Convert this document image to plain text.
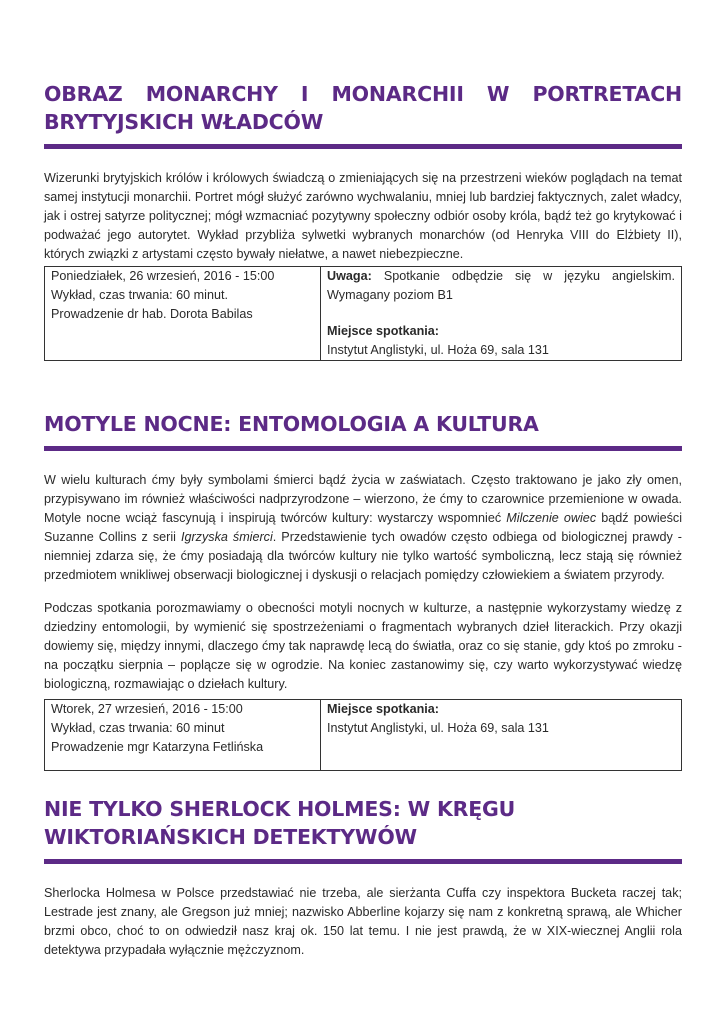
OBRAZ MONARCHY I MONARCHII W PORTRETACH BRYTYJSKICH WŁADCÓW

Wizerunki brytyjskich królów i królowych świadczą o zmieniających się na przestrzeni wieków poglądach na temat samej instytucji monarchii. Portret mógł służyć zarówno wychwalaniu, mniej lub bardziej faktycznych, zalet władcy, jak i ostrej satyrze politycznej; mógł wzmacniać pozytywny społeczny odbiór osoby króla, bądź też go krytykować i podważać jego autorytet. Wykład przybliża sylwetki wybranych monarchów (od Henryka VIII do Elżbiety II), których związki z artystami często bywały niełatwe, a nawet niebezpieczne.

Poniedziałek, 26 wrzesień, 2016 - 15:00
Wykład, czas trwania: 60 minut.
Prowadzenie dr hab. Dorota Babilas
Uwaga: Spotkanie odbędzie się w języku angielskim. Wymagany poziom B1
Miejsce spotkania:
Instytut Anglistyki, ul. Hoża 69, sala 131
MOTYLE NOCNE: ENTOMOLOGIA A KULTURA

W wielu kulturach ćmy były symbolami śmierci bądź życia w zaświatach. Często traktowano je jako zły omen, przypisywano im również właściwości nadprzyrodzone – wierzono, że ćmy to czarownice przemienione w owada. Motyle nocne wciąż fascynują i inspirują twórców kultury: wystarczy wspomnieć Milczenie owiec bądź powieści Suzanne Collins z serii Igrzyska śmierci. Przedstawienie tych owadów często odbiega od biologicznej prawdy - niemniej zdarza się, że ćmy posiadają dla twórców kultury nie tylko wartość symboliczną, lecz stają się również przedmiotem wnikliwej obserwacji biologicznej i dyskusji o relacjach pomiędzy człowiekiem a światem przyrody.

Podczas spotkania porozmawiamy o obecności motyli nocnych w kulturze, a następnie wykorzystamy wiedzę z dziedziny entomologii, by wymienić się spostrzeżeniami o fragmentach wybranych dzieł literackich. Przy okazji dowiemy się, między innymi, dlaczego ćmy tak naprawdę lecą do światła, oraz co się stanie, gdy ktoś po zmroku - na początku sierpnia – poplącze się w ogrodzie. Na koniec zastanowimy się, czy warto wykorzystywać wiedzę biologiczną, rozmawiając o dziełach kultury.

Wtorek, 27 wrzesień, 2016 - 15:00
Wykład, czas trwania: 60 minut
Prowadzenie mgr Katarzyna Fetlińska
Miejsce spotkania:
Instytut Anglistyki, ul. Hoża 69, sala 131
NIE TYLKO SHERLOCK HOLMES: W KRĘGU WIKTORIAŃSKICH DETEKTYWÓW

Sherlocka Holmesa w Polsce przedstawiać nie trzeba, ale sierżanta Cuffa czy inspektora Bucketa raczej tak; Lestrade jest znany, ale Gregson już mniej; nazwisko Abberline kojarzy się nam z konkretną sprawą, ale Whicher brzmi obco, choć to on odwiedził nasz kraj ok. 150 lat temu. I nie jest prawdą, że w XIX-wiecznej Anglii rola detektywa przypadała wyłącznie mężczyznom.
